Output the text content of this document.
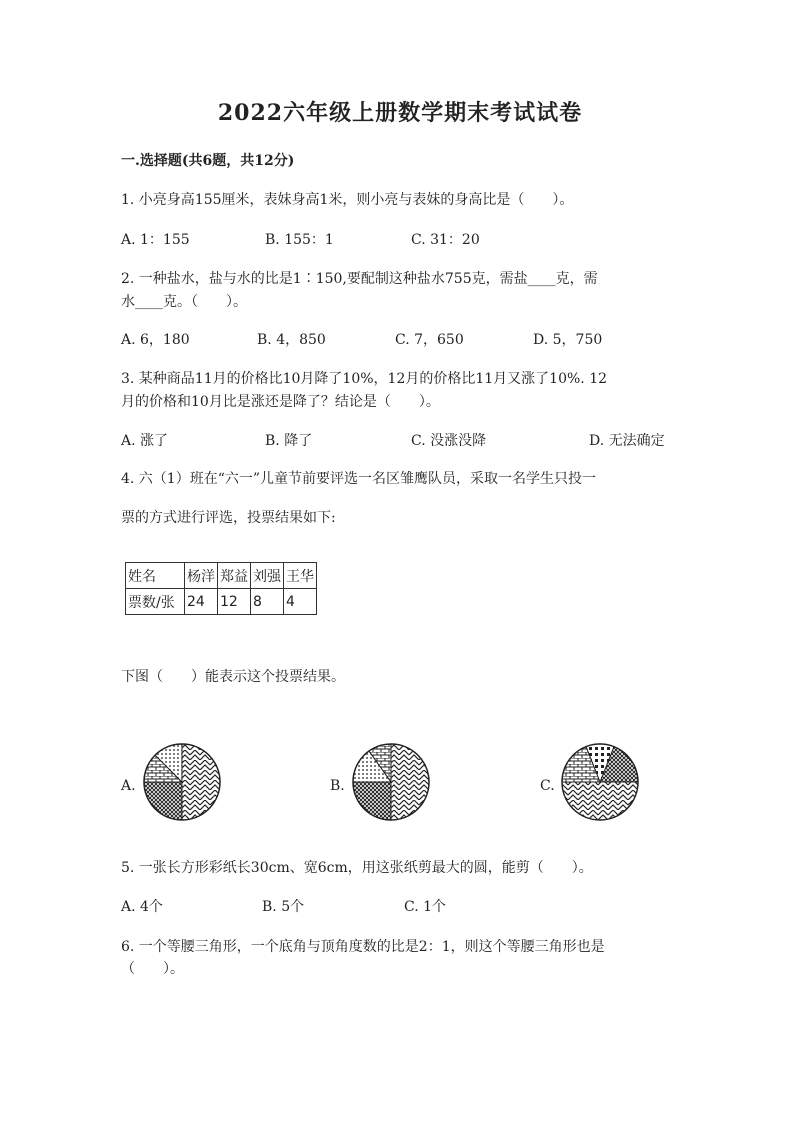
2022六年级上册数学期末考试试卷
一.选择题(共6题，共12分)
1. 小亮身高155厘米，表妹身高1米，则小亮与表妹的身高比是（　　）。
A. 1：155	B. 155：1	C. 31：20
2. 一种盐水，盐与水的比是1∶150,要配制这种盐水755克，需盐____克，需
水____克。（　　）。
A. 6，180	B. 4，850	C. 7，650	D. 5，750
3. 某种商品11月的价格比10月降了10%，12月的价格比11月又涨了10%. 12
月的价格和10月比是涨还是降了？结论是（　　）。
A. 涨了	B. 降了	C. 没涨没降	D. 无法确定
4. 六（1）班在“六一”儿童节前要评选一名区雏鹰队员，采取一名学生只投一
票的方式进行评选，投票结果如下:
姓名	杨洋	郑益	刘强	王华
票数/张	24	12	8	4
下图（　　）能表示这个投票结果。
A.	B.	C.
5. 一张长方形彩纸长30cm、宽6cm，用这张纸剪最大的圆，能剪（　　）。
A. 4个	B. 5个	C. 1个
6. 一个等腰三角形，一个底角与顶角度数的比是2：1，则这个等腰三角形也是
（　　）。
